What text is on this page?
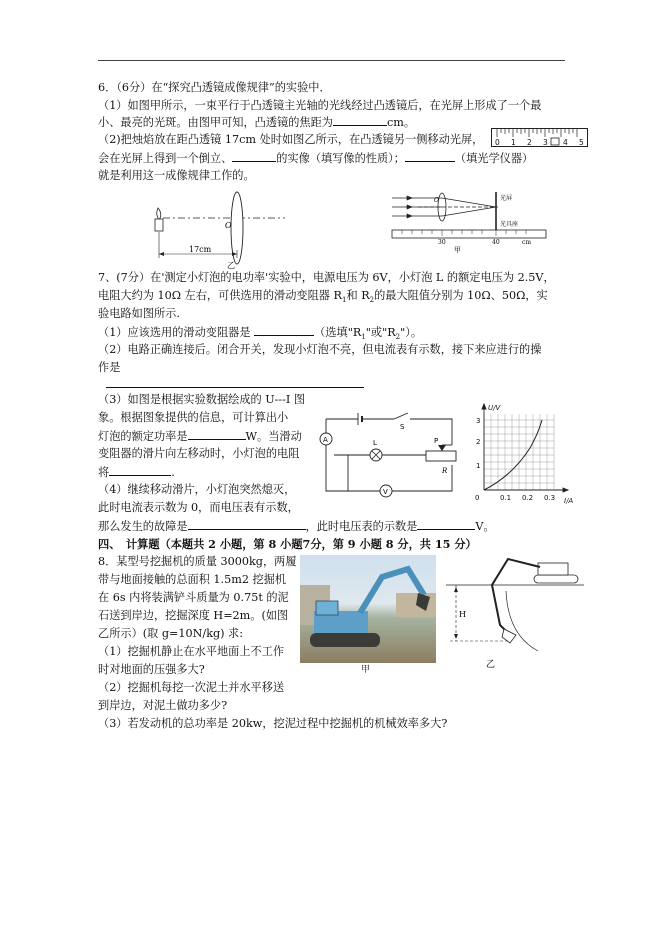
6．（6分）在“探究凸透镜成像规律”的实验中．
（1）如图甲所示，一束平行于凸透镜主光轴的光线经过凸透镜后，在光屏上形成了一个最
小、最亮的光斑。由图甲可知，凸透镜的焦距为	cm。
（2)把烛焰放在距凸透镜 17cm 处时如图乙所示，在凸透镜另一侧移动光屏，
会在光屏上得到一个倒立、	的实像（填写像的性质）；	（填光学仪器）
就是利用这一成像规律工作的。
0 1 2 3 4 5
O
17cm
乙
O	光屏
光具座
30	40	cm
甲
7、(7分）在'测定小灯泡的电功率'实验中，电源电压为 6V，小灯泡 L 的额定电压为 2.5V，
电阻大约为 10Ω 左右，可供选用的滑动变阻器 $R_1$和 $R_2$的最大阻值分别为 10Ω、50Ω，实
验电路如图所示.
（1）应该选用的滑动变阻器是	（选填"$R_1$"或"$R_2$"）。
（2）电路正确连接后。闭合开关，发现小灯泡不亮，但电流表有示数，接下来应进行的操
作是
（3）如图是根据实验数据绘成的 U---I 图
象。根据图象提供的信息，可计算出小
灯泡的额定功率是	W。当滑动
变阻器的滑片向左移动时，小灯泡的电阻
将	.
（4）继续移动滑片，小灯泡突然熄灭，
此时电流表示数为 0，而电压表有示数，
那么发生的故障是	，此时电压表的示数是	V。
A	L
V
S
P
R
U/V
I/A
1
2
3
0	0.1 0.2 0.3
四、　计算题（本题共 2 小题，第 8 小题7分，第 9 小题 8 分，共 15 分）
8．某型号挖掘机的质量 3000kg，两履
带与地面接触的总面积 1.5m2 挖掘机
在 6s 内将装满铲斗质量为 0.75t 的泥
石送到岸边，挖掘深度 H=2m。(如图
乙所示）(取 g=10N/kg) 求:
（1）挖掘机静止在水平地面上不工作
时对地面的压强多大?
（2）挖掘机每挖一次泥土并水平移送
到岸边，对泥土做功多少?
（3）若发动机的总功率是 20kw，挖泥过程中挖掘机的机械效率多大?
甲
H
乙
